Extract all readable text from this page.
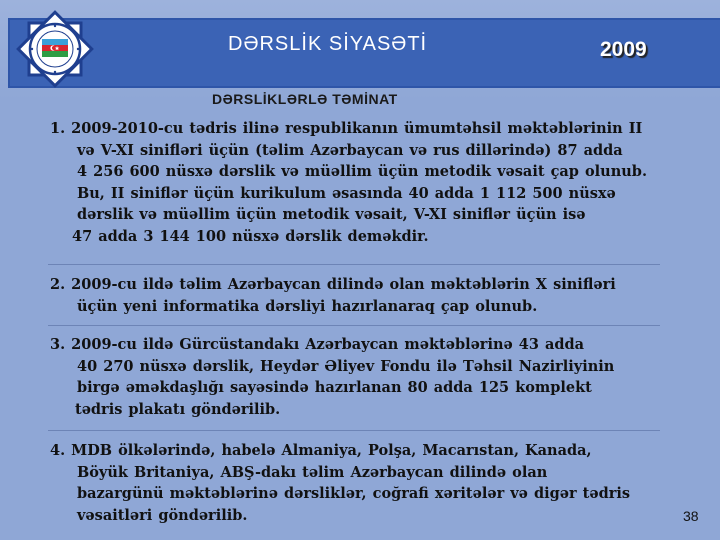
DƏRSLİK SİYASƏTİ	2009
DƏRSLİKLƏRLƏ TƏMİNAT
1. 2009-2010-cu tədris ilinə respublikanın ümumtəhsil məktəblərinin II
və V-XI sinifləri üçün (təlim Azərbaycan və rus dillərində) 87 adda
4 256 600 nüsxə dərslik və müəllim üçün metodik vəsait çap olunub.
Bu, II siniflər üçün kurikulum əsasında 40 adda 1 112 500 nüsxə
dərslik və müəllim üçün metodik vəsait, V-XI siniflər üçün isə
47 adda 3 144 100 nüsxə dərslik deməkdir.
2. 2009-cu ildə təlim Azərbaycan dilində olan məktəblərin X sinifləri
üçün yeni informatika dərsliyi hazırlanaraq çap olunub.
3. 2009-cu ildə Gürcüstandakı Azərbaycan məktəblərinə 43 adda
40 270 nüsxə dərslik, Heydər Əliyev Fondu ilə Təhsil Nazirliyinin
birgə əməkdaşlığı sayəsində hazırlanan 80 adda 125 komplekt
tədris plakatı göndərilib.
4. MDB ölkələrində, habelə Almaniya, Polşa, Macarıstan, Kanada,
Böyük Britaniya, ABŞ-dakı təlim Azərbaycan dilində olan
bazargünü məktəblərinə dərsliklər, coğrafi xəritələr və digər tədris
vəsaitləri göndərilib.	38
